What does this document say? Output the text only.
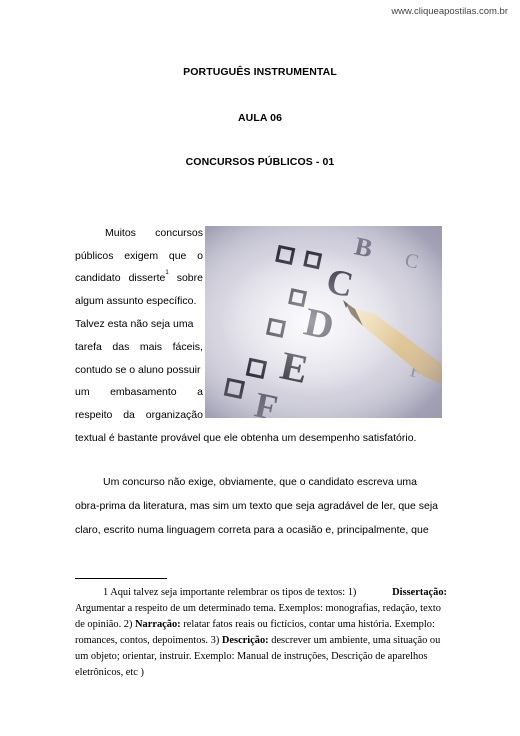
www.cliqueapostilas.com.br
PORTUGUÊS INSTRUMENTAL
AULA 06
CONCURSOS PÚBLICOS - 01
Muitos concursos
públicos exigem que o
candidato disserte$^1$ sobre
algum assunto específico.
Talvez esta não seja uma
tarefa das mais fáceis,
contudo se o aluno possuir
um embasamento a
respeito da organização
textual é bastante provável que ele obtenha um desempenho satisfatório.
Um concurso não exige, obviamente, que o candidato escreva uma
obra-prima da literatura, mas sim um texto que seja agradável de ler, que seja
claro, escrito numa linguagem correta para a ocasião e, principalmente, que
1 Aqui talvez seja importante relembrar os tipos de textos: 1)	Dissertação:
Argumentar a respeito de um determinado tema. Exemplos: monografias, redação, texto
de opinião. 2) Narração: relatar fatos reais ou fictícios, contar uma história. Exemplo:
romances, contos, depoimentos. 3) Descrição: descrever um ambiente, uma situação ou
um objeto; orientar, instruir. Exemplo: Manual de instruções, Descrição de aparelhos
eletrônicos, etc )
